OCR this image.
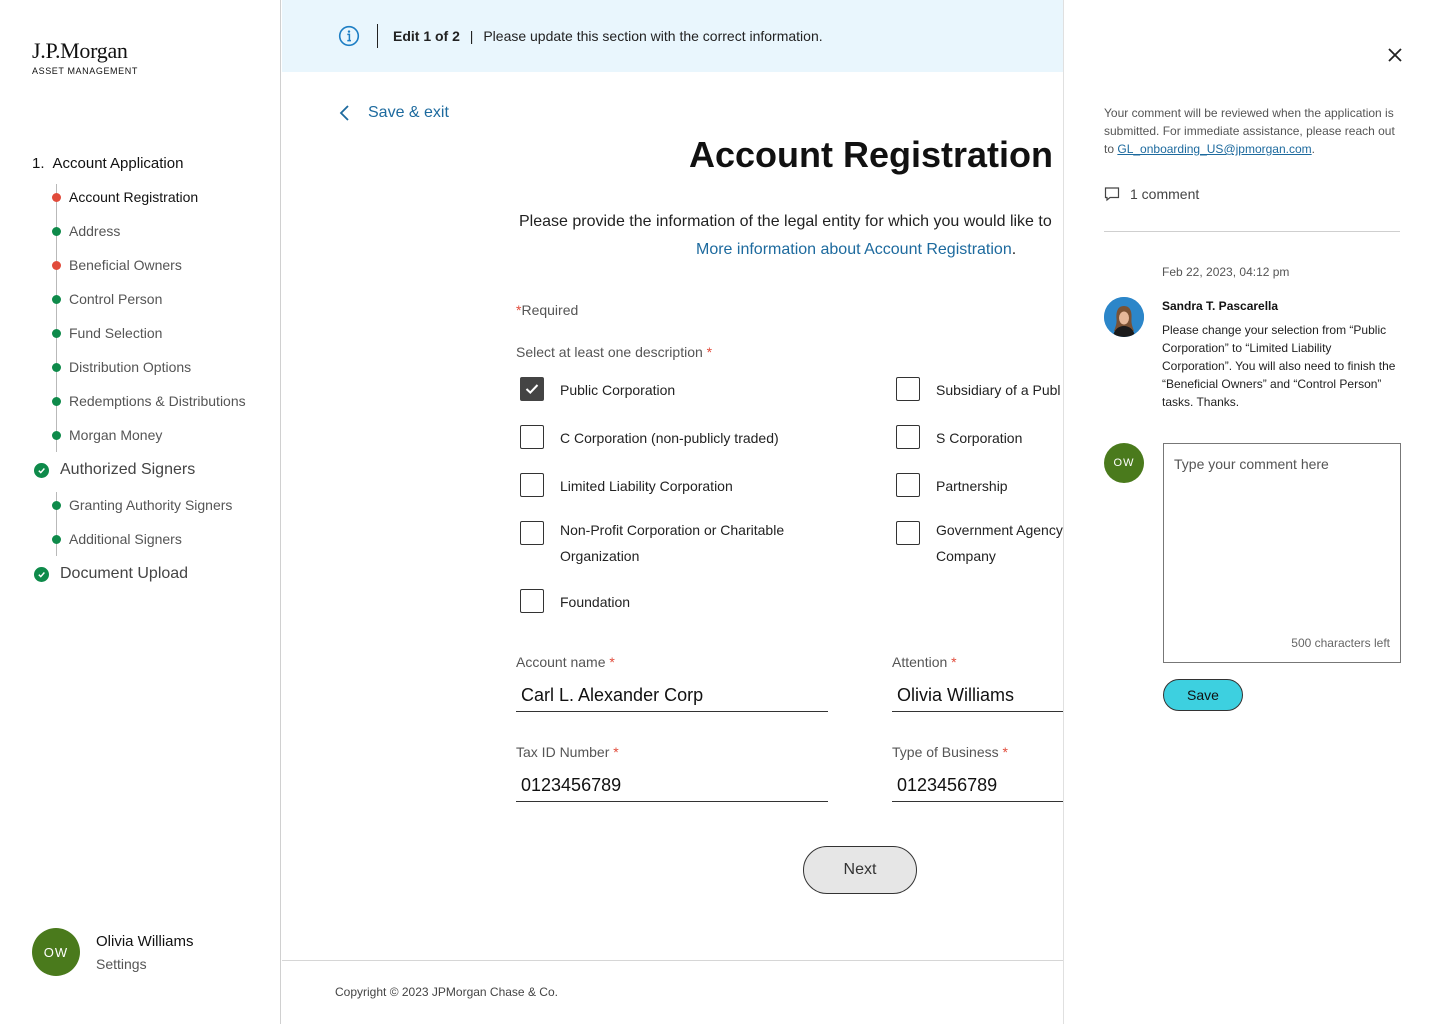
J.P.Morgan
ASSET MANAGEMENT
1. Account Application
Account Registration
Address
Beneficial Owners
Control Person
Fund Selection
Distribution Options
Redemptions & Distributions
Morgan Money
Authorized Signers
Granting Authority Signers
Additional Signers
Document Upload
OW
Olivia Williams
Settings
Edit 1 of 2 | Please update this section with the correct information.
Save & exit
Account Registration

Please provide the information of the legal entity for which you would like to

More information about Account Registration.

*Required
Select at least one description *
Public Corporation
C Corporation (non-publicly traded)
Limited Liability Corporation
Non-Profit Corporation or Charitable
Organization
Foundation
Subsidiary of a Publ
S Corporation
Partnership
Government Agency
Company
Account name *
Carl L. Alexander Corp
Attention *
Olivia Williams
Tax ID Number *
0123456789
Type of Business *
0123456789
Next
Copyright © 2023 JPMorgan Chase & Co.

Your comment will be reviewed when the application is submitted. For immediate assistance, please reach out to GL_onboarding_US@jpmorgan.com.

1 comment
Feb 22, 2023, 04:12 pm
Sandra T. Pascarella
Please change your selection from “Public Corporation” to “Limited Liability Corporation”. You will also need to finish the “Beneficial Owners” and “Control Person” tasks. Thanks.
OW
Type your comment here
500 characters left
Save
